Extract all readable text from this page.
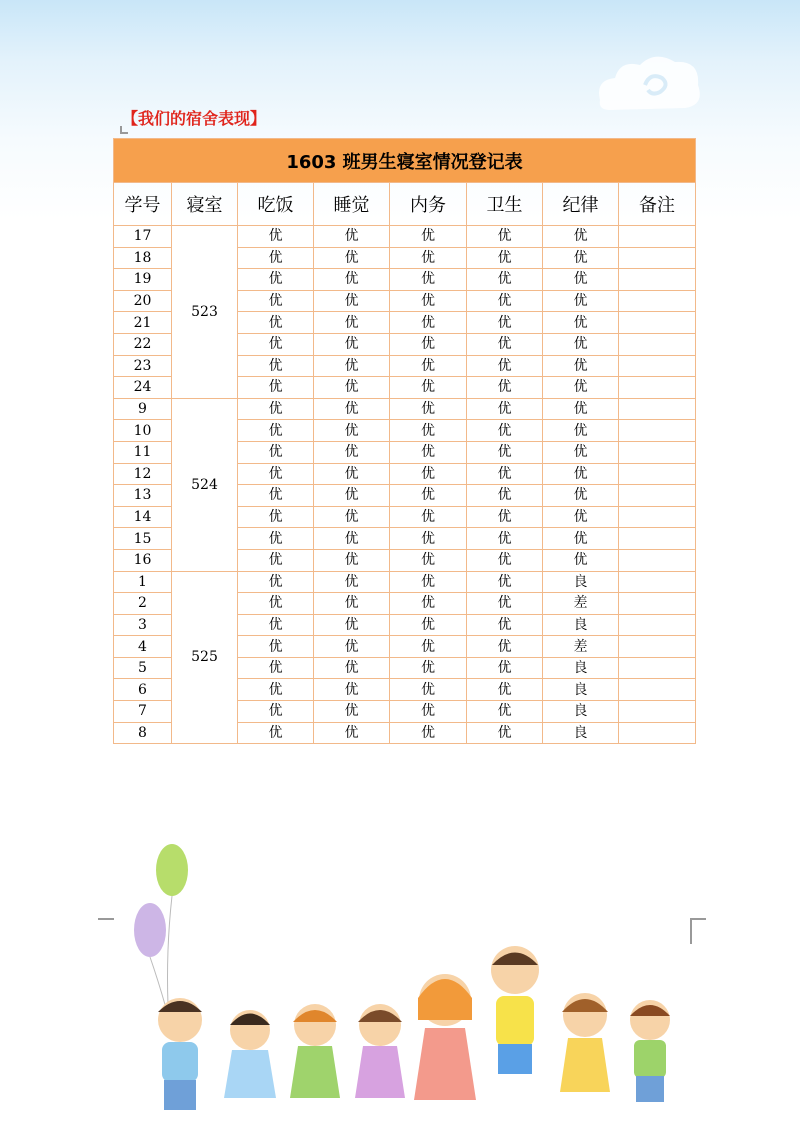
【我们的宿舍表现】
1603 班男生寝室情况登记表							
学号	寝室	吃饭	睡觉	内务	卫生	纪律	备注
17	523	优	优	优	优	优	
18		优	优	优	优	优	
19		优	优	优	优	优	
20		优	优	优	优	优	
21		优	优	优	优	优	
22		优	优	优	优	优	
23		优	优	优	优	优	
24		优	优	优	优	优	
9	524	优	优	优	优	优	
10		优	优	优	优	优	
11		优	优	优	优	优	
12		优	优	优	优	优	
13		优	优	优	优	优	
14		优	优	优	优	优	
15		优	优	优	优	优	
16		优	优	优	优	优	
1	525	优	优	优	优	良	
2		优	优	优	优	差	
3		优	优	优	优	良	
4		优	优	优	优	差	
5		优	优	优	优	良	
6		优	优	优	优	良	
7		优	优	优	优	良	
8		优	优	优	优	良	
